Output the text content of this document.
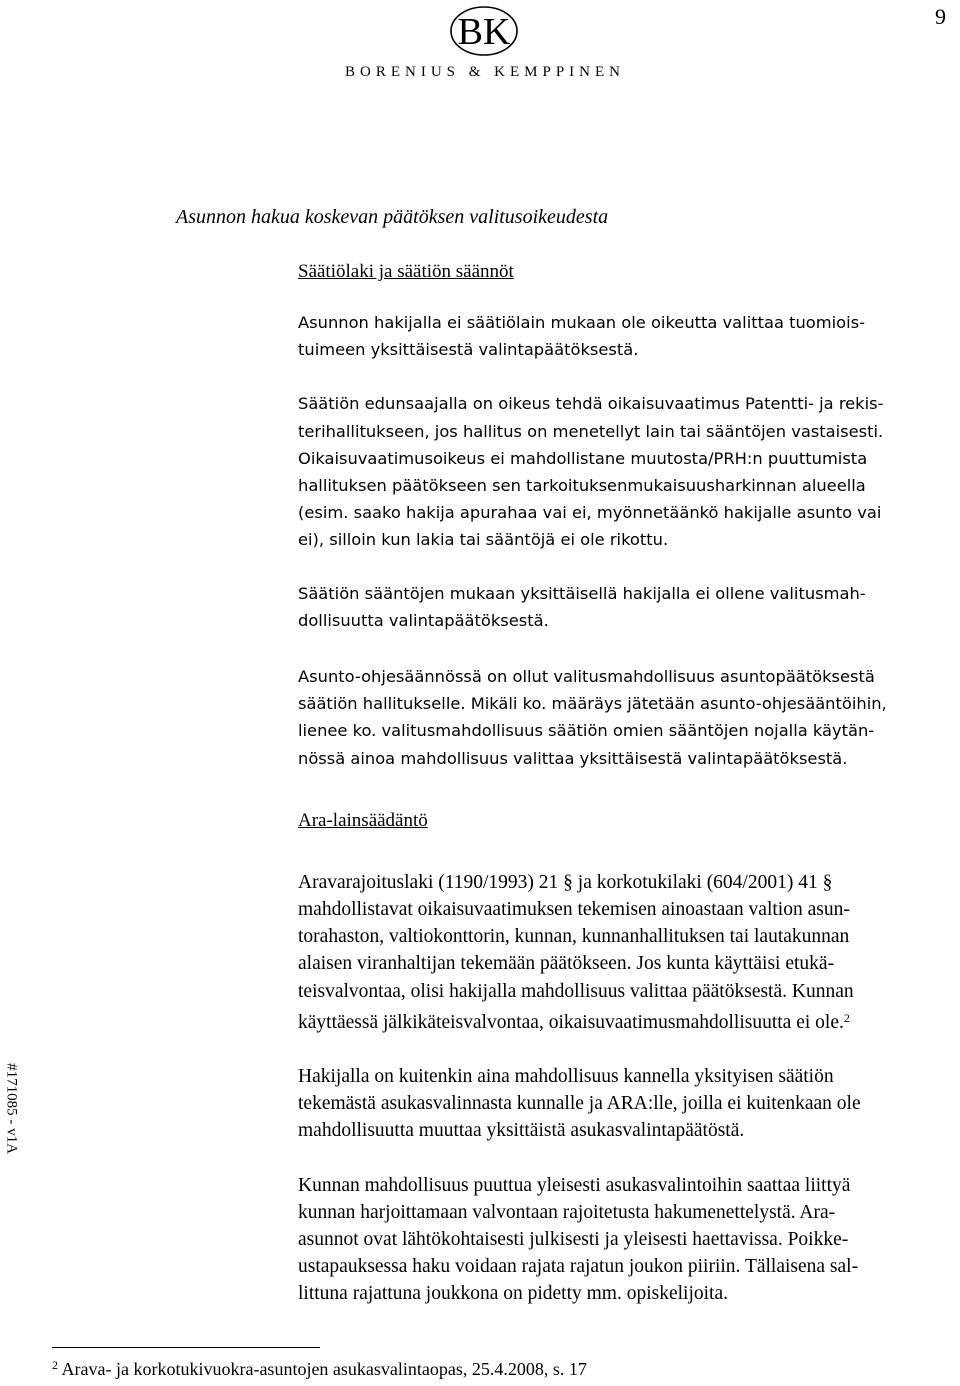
9
BK
BORENIUS & KEMPPINEN
#171085 - v1A
Asunnon hakua koskevan päätöksen valitusoikeudesta

Säätiölaki ja säätiön säännöt

Asunnon hakijalla ei säätiölain mukaan ole oikeutta valittaa tuomiois-
tuimeen yksittäisestä valintapäätöksestä.

Säätiön edunsaajalla on oikeus tehdä oikaisuvaatimus Patentti- ja rekis-
terihallitukseen, jos hallitus on menetellyt lain tai sääntöjen vastaisesti.
Oikaisuvaatimusoikeus ei mahdollistane muutosta/PRH:n puuttumista
hallituksen päätökseen sen tarkoituksenmukaisuusharkinnan alueella
(esim. saako hakija apurahaa vai ei, myönnetäänkö hakijalle asunto vai
ei), silloin kun lakia tai sääntöjä ei ole rikottu.

Säätiön sääntöjen mukaan yksittäisellä hakijalla ei ollene valitusmah-
dollisuutta valintapäätöksestä.

Asunto-ohjesäännössä on ollut valitusmahdollisuus asuntopäätöksestä
säätiön hallitukselle. Mikäli ko. määräys jätetään asunto-ohjesääntöihin,
lienee ko. valitusmahdollisuus säätiön omien sääntöjen nojalla käytän-
nössä ainoa mahdollisuus valittaa yksittäisestä valintapäätöksestä.

Ara-lainsäädäntö

Aravarajoituslaki (1190/1993) 21 § ja korkotukilaki (604/2001) 41 §
mahdollistavat oikaisuvaatimuksen tekemisen ainoastaan valtion asun-
torahaston, valtiokonttorin, kunnan, kunnanhallituksen tai lautakunnan
alaisen viranhaltijan tekemään päätökseen. Jos kunta käyttäisi etukä-
teisvalvontaa, olisi hakijalla mahdollisuus valittaa päätöksestä. Kunnan
käyttäessä jälkikäteisvalvontaa, oikaisuvaatimusmahdollisuutta ei ole.$^2$

Hakijalla on kuitenkin aina mahdollisuus kannella yksityisen säätiön
tekemästä asukasvalinnasta kunnalle ja ARA:lle, joilla ei kuitenkaan ole
mahdollisuutta muuttaa yksittäistä asukasvalintapäätöstä.

Kunnan mahdollisuus puuttua yleisesti asukasvalintoihin saattaa liittyä
kunnan harjoittamaan valvontaan rajoitetusta hakumenettelystä. Ara-
asunnot ovat lähtökohtaisesti julkisesti ja yleisesti haettavissa. Poikke-
ustapauksessa haku voidaan rajata rajatun joukon piiriin. Tällaisena sal-
littuna rajattuna joukkona on pidetty mm. opiskelijoita.

$^2$ Arava- ja korkotukivuokra-asuntojen asukasvalintaopas, 25.4.2008, s. 17
